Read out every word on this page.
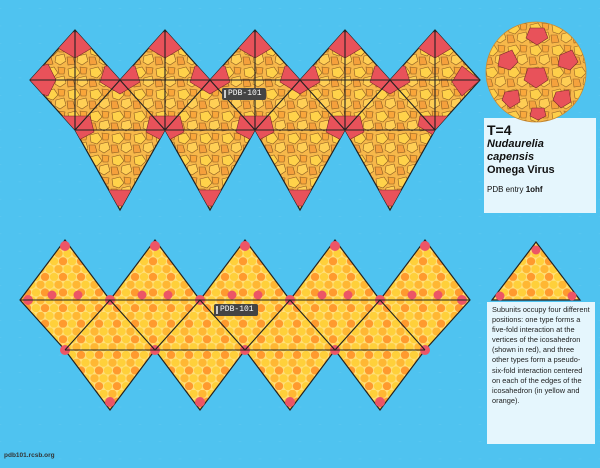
PDB-101
PDB-101
T=4
Nudaurelia capensis
Omega Virus
PDB entry 1ohf
Subunits occupy four different positions: one type forms a five-fold interaction at the vertices of the icosahedron (shown in red), and three other types form a pseudo-six-fold interaction centered on each of the edges of the icosahedron (in yellow and orange).
pdb101.rcsb.org
